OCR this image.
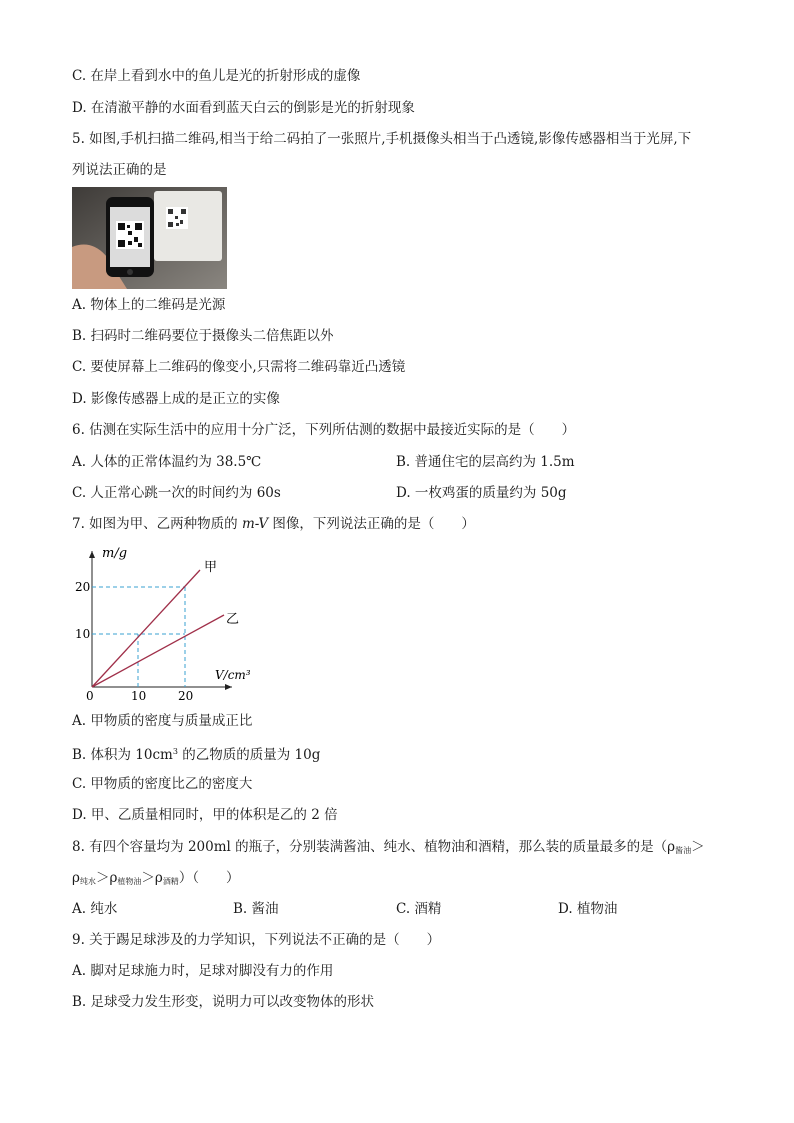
C. 在岸上看到水中的鱼儿是光的折射形成的虚像
D. 在清澈平静的水面看到蓝天白云的倒影是光的折射现象
5. 如图,手机扫描二维码,相当于给二码拍了一张照片,手机摄像头相当于凸透镜,影像传感器相当于光屏,下
列说法正确的是
A. 物体上的二维码是光源
B. 扫码时二维码要位于摄像头二倍焦距以外
C. 要使屏幕上二维码的像变小,只需将二维码靠近凸透镜
D. 影像传感器上成的是正立的实像
6. 估测在实际生活中的应用十分广泛，下列所估测的数据中最接近实际的是（　　）
A. 人体的正常体温约为 38.5℃	B. 普通住宅的层高约为 1.5m
C. 人正常心跳一次的时间约为 60s	D. 一枚鸡蛋的质量约为 50g
7. 如图为甲、乙两种物质的 m-V 图像，下列说法正确的是（　　）
m/g
甲
乙
V/cm³
20
10
0	10	20
A. 甲物质的密度与质量成正比
B. 体积为 $10cm^3$ 的乙物质的质量为 10g
C. 甲物质的密度比乙的密度大
D. 甲、乙质量相同时，甲的体积是乙的 2 倍
8. 有四个容量均为 200ml 的瓶子，分别装满酱油、纯水、植物油和酒精，那么装的质量最多的是（$\rho_{酱油}>$
$\rho_{纯水}>\rho_{植物油}>\rho_{酒精}$）（　　）
A. 纯水	B. 酱油	C. 酒精	D. 植物油
9. 关于踢足球涉及的力学知识，下列说法不正确的是（　　）
A. 脚对足球施力时，足球对脚没有力的作用
B. 足球受力发生形变，说明力可以改变物体的形状
